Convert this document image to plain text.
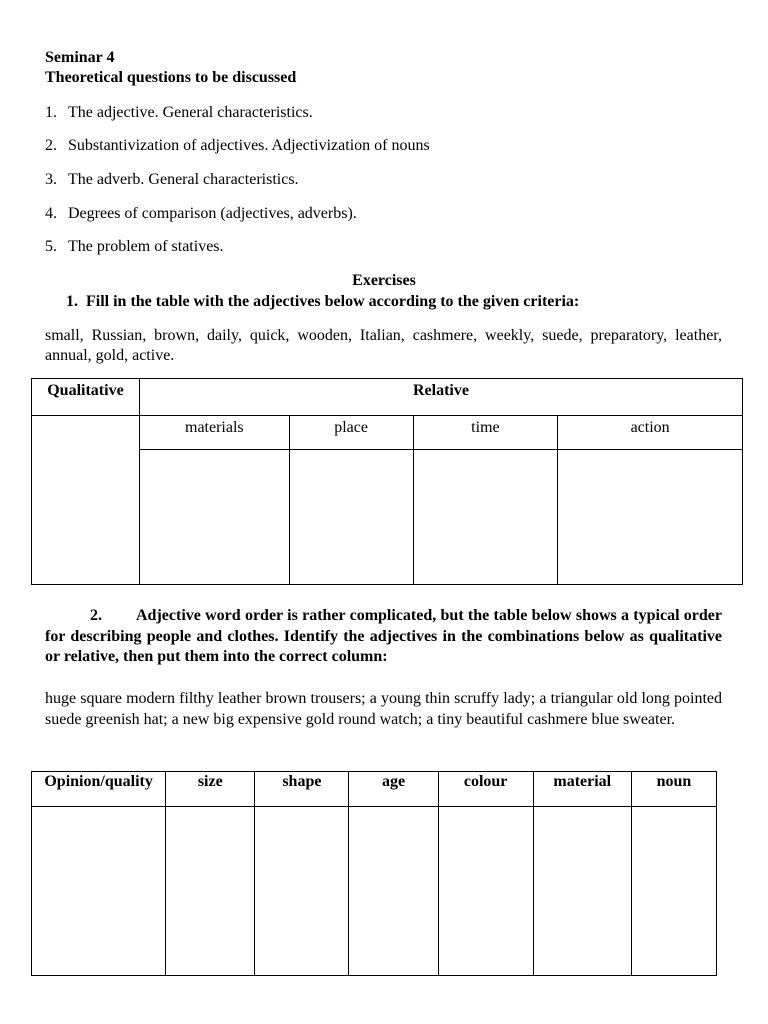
Seminar 4
Theoretical questions to be discussed
1. The adjective. General characteristics.
2. Substantivization of adjectives. Adjectivization of nouns
3. The adverb. General characteristics.
4. Degrees of comparison (adjectives, adverbs).
5. The problem of statives.
Exercises
1. Fill in the table with the adjectives below according to the given criteria:
small, Russian, brown, daily, quick, wooden, Italian, cashmere, weekly, suede, preparatory, leather, annual, gold, active.
Qualitative	Relative			

	materials	place	time	action

2. Adjective word order is rather complicated, but the table below shows a typical order for describing people and clothes. Identify the adjectives in the combinations below as qualitative or relative, then put them into the correct column:
huge square modern filthy leather brown trousers; a young thin scruffy lady; a triangular old long pointed suede greenish hat; a new big expensive gold round watch; a tiny beautiful cashmere blue sweater.
Opinion/quality	size	shape	age	colour	material	noun
